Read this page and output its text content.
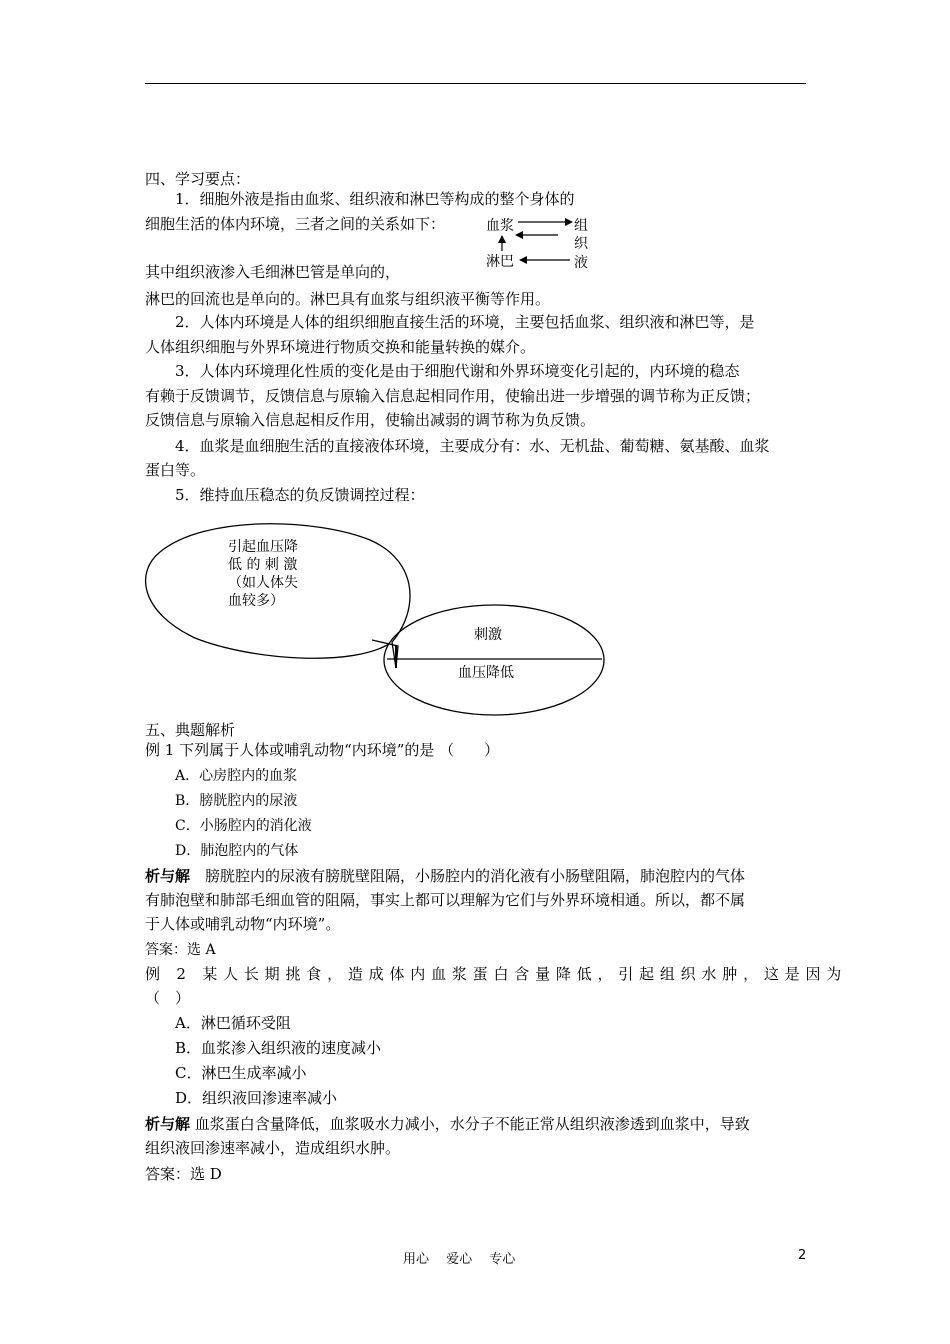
四、学习要点：
1．细胞外液是指由血浆、组织液和淋巴等构成的整个身体的
细胞生活的体内环境，三者之间的关系如下：
其中组织液渗入毛细淋巴管是单向的，
淋巴的回流也是单向的。淋巴具有血浆与组织液平衡等作用。
血浆
淋巴
组
织
液
2．人体内环境是人体的组织细胞直接生活的环境，主要包括血浆、组织液和淋巴等，是
人体组织细胞与外界环境进行物质交换和能量转换的媒介。
3．人体内环境理化性质的变化是由于细胞代谢和外界环境变化引起的，内环境的稳态
有赖于反馈调节，反馈信息与原输入信息起相同作用，使输出进一步增强的调节称为正反馈；
反馈信息与原输入信息起相反作用，使输出减弱的调节称为负反馈。
4．血浆是血细胞生活的直接液体环境，主要成分有：水、无机盐、葡萄糖、氨基酸、血浆
蛋白等。
5．维持血压稳态的负反馈调控过程：
引起血压降
低 的 刺 激
（如人体失
血较多）
刺激
血压降低
五、典题解析
例 1 下列属于人体或哺乳动物“内环境”的是 （　　）
A．心房腔内的血浆
B．膀胱腔内的尿液
C．小肠腔内的消化液
D．肺泡腔内的气体
析与解　膀胱腔内的尿液有膀胱壁阻隔，小肠腔内的消化液有小肠壁阻隔，肺泡腔内的气体
有肺泡壁和肺部毛细血管的阻隔，事实上都可以理解为它们与外界环境相通。所以，都不属
于人体或哺乳动物“内环境”。
答案：选 A
例 2 某人长期挑食，造成体内血浆蛋白含量降低，引起组织水肿，这是因为
（　）
A．淋巴循环受阻
B．血浆渗入组织液的速度减小
C．淋巴生成率减小
D．组织液回渗速率减小
析与解 血浆蛋白含量降低，血浆吸水力减小，水分子不能正常从组织液渗透到血浆中，导致
组织液回渗速率减小，造成组织水肿。
答案：选 D
用心　 爱心　 专心	2
